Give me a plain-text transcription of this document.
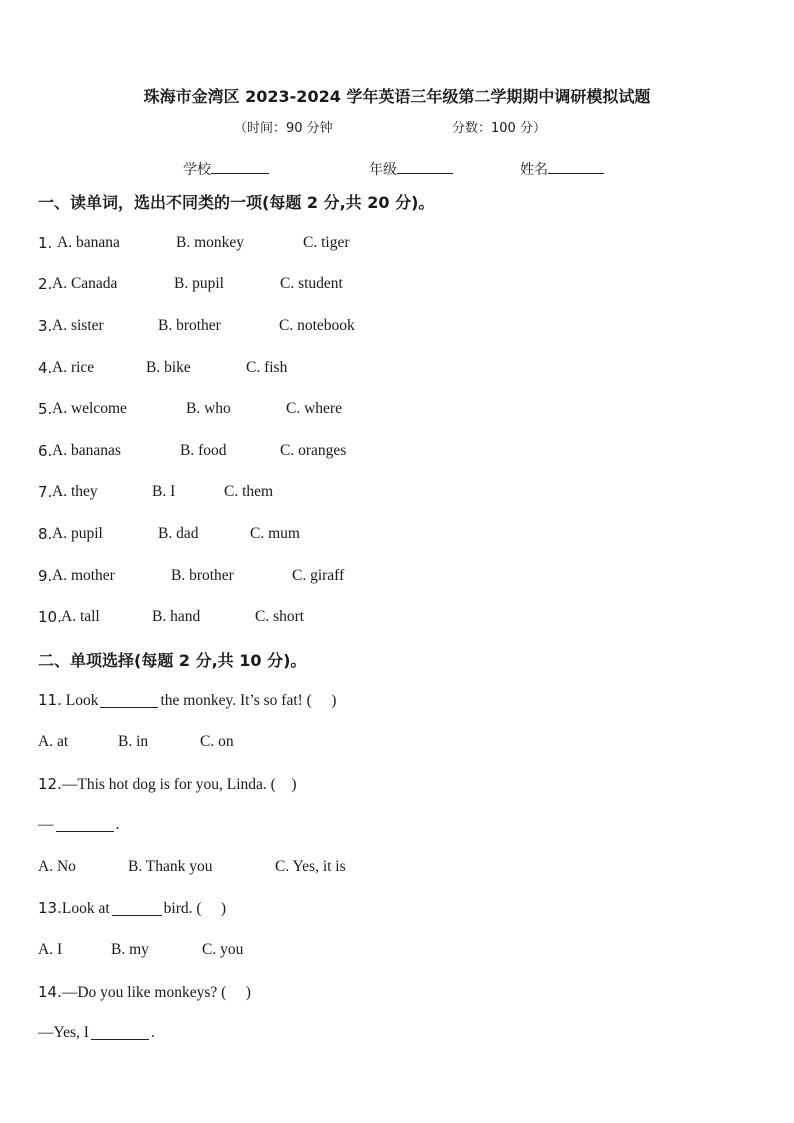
珠海市金湾区 2023-2024 学年英语三年级第二学期期中调研模拟试题
（时间：90 分钟	分数：100 分）
学校	年级	姓名
一、读单词，选出不同类的一项(每题 2 分,共 20 分)。
1. A. banana	B. monkey	C. tiger
2. A. Canada	B. pupil	C. student
3. A. sister	B. brother	C. notebook
4. A. rice	B. bike	C. fish
5. A. welcome	B. who	C. where
6. A. bananas	B. food	C. oranges
7. A. they	B. I	C. them
8. A. pupil	B. dad	C. mum
9. A. mother	B. brother	C. giraff
10. A. tall	B. hand	C. short
二、单项选择(每题 2 分,共 10 分)。
11. Look	the monkey. It’s so fat! (　 )
A. at	B. in	C. on
12.—This hot dog is for you, Linda. (　)
—	.
A. No	B. Thank you	C. Yes, it is
13.Look at	bird. (　 )
A. I	B. my	C. you
14.—Do you like monkeys? (　 )
—Yes, I	.
